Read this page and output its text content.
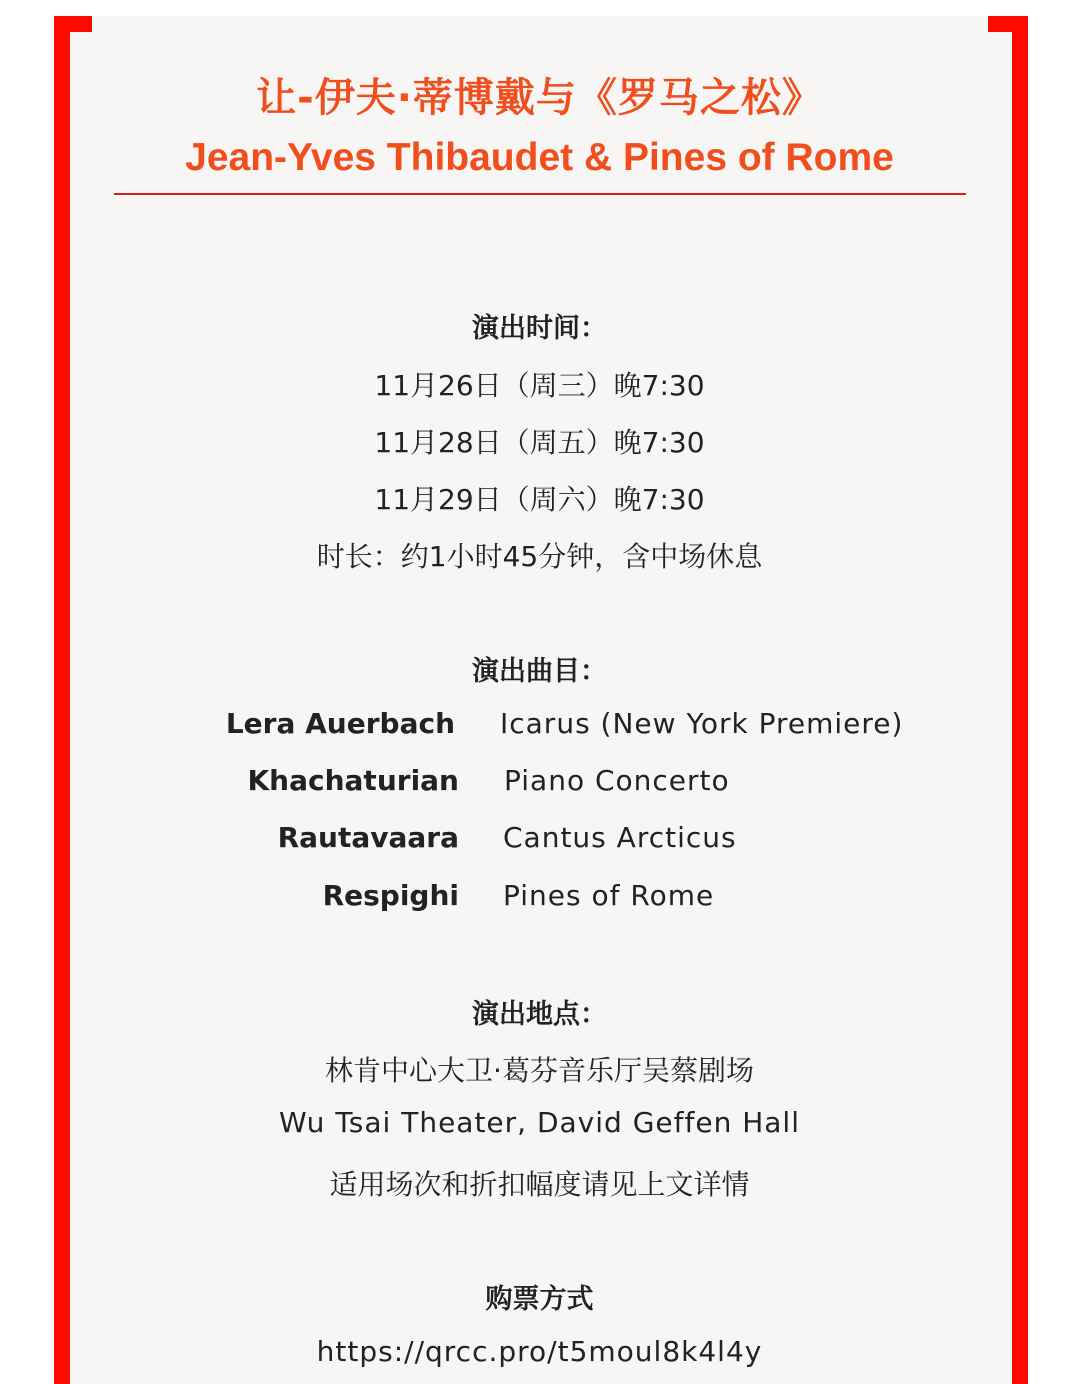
让-伊夫·蒂博戴与《罗马之松》
Jean-Yves Thibaudet & Pines of Rome
演出时间：
11月26日（周三）晚7:30
11月28日（周五）晚7:30
11月29日（周六）晚7:30
时长：约1小时45分钟，含中场休息
演出曲目：
Lera Auerbach Icarus (New York Premiere)
Khachaturian Piano Concerto
Rautavaara Cantus Arcticus
Respighi Pines of Rome
演出地点：
林肯中心大卫·葛芬音乐厅吴蔡剧场
Wu Tsai Theater, David Geffen Hall
适用场次和折扣幅度请见上文详情
购票方式
https://qrcc.pro/t5moul8k4l4y
